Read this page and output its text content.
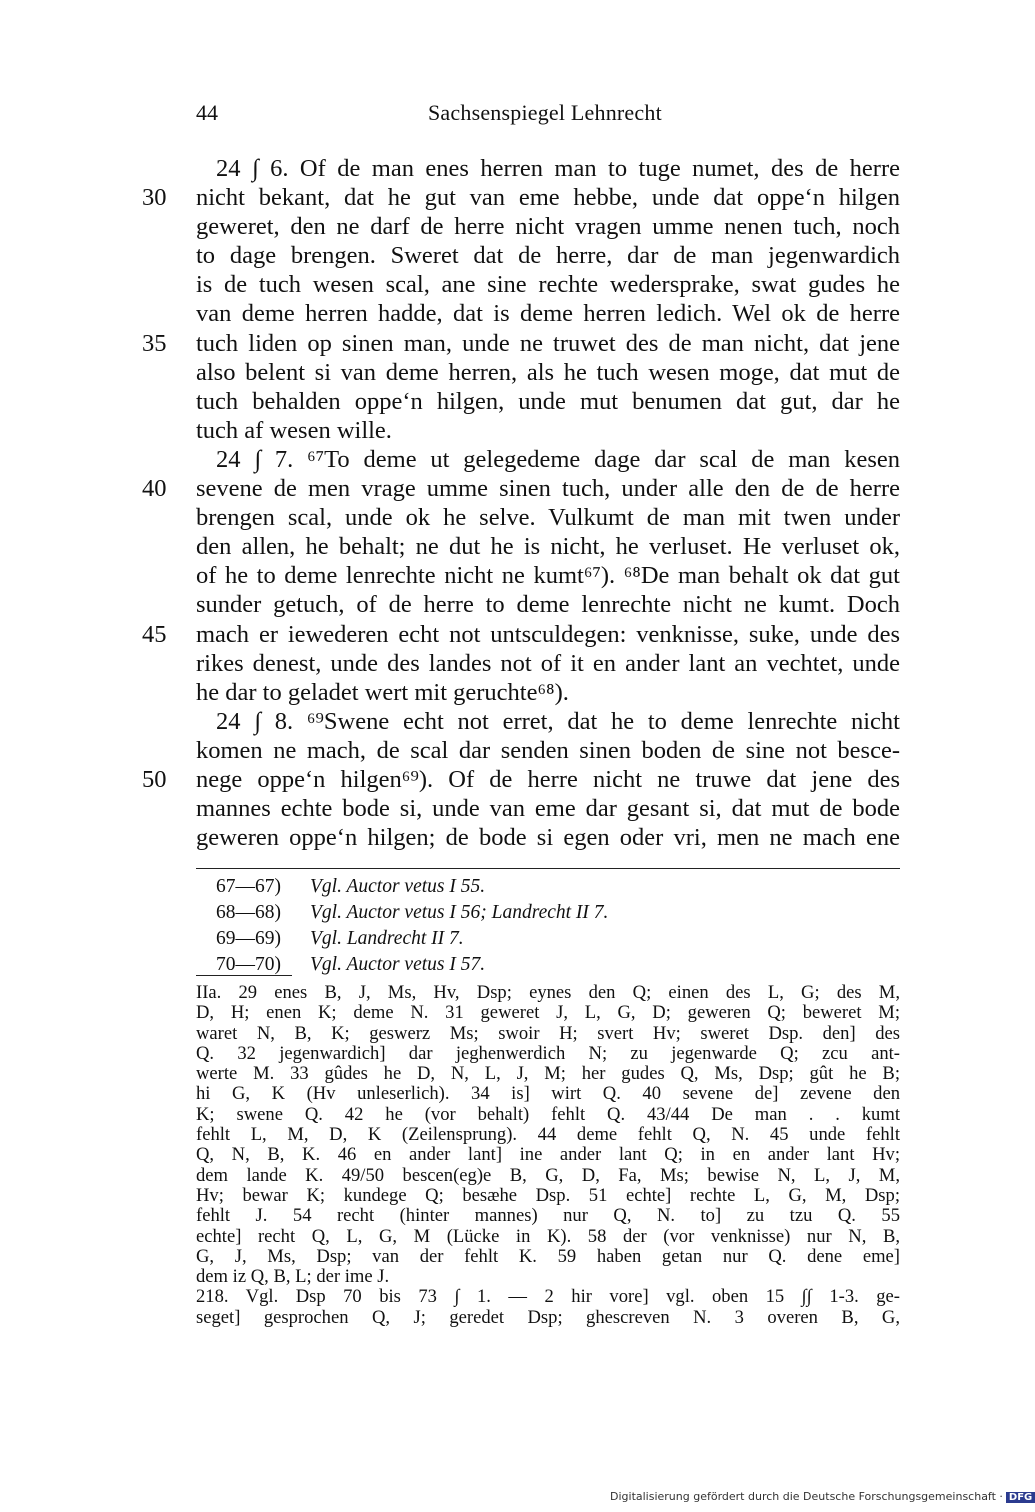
44	Sachsenspiegel Lehnrecht
24 ∫ 6. Of de man enes herren man to tuge numet, des de herre
30 nicht bekant, dat he gut van eme hebbe, unde dat oppe‘n hilgen
geweret, den ne darf de herre nicht vragen umme nenen tuch, noch
to dage brengen. Sweret dat de herre, dar de man jegenwardich
is de tuch wesen scal, ane sine rechte wedersprake, swat gudes he
van deme herren hadde, dat is deme herren ledich. Wel ok de herre
35 tuch liden op sinen man, unde ne truwet des de man nicht, dat jene
also belent si van deme herren, als he tuch wesen moge, dat mut de
tuch behalden oppe‘n hilgen, unde mut benumen dat gut, dar he
tuch af wesen wille.
24 ∫ 7. ⁶⁷To deme ut gelegedeme dage dar scal de man kesen
40 sevene de men vrage umme sinen tuch, under alle den de de herre
brengen scal, unde ok he selve. Vulkumt de man mit twen under
den allen, he behalt; ne dut he is nicht, he verluset. He verluset ok,
of he to deme lenrechte nicht ne kumt⁶⁷). ⁶⁸De man behalt ok dat gut
sunder getuch, of de herre to deme lenrechte nicht ne kumt. Doch
45 mach er iewederen echt not untsculdegen: venknisse, suke, unde des
rikes denest, unde des landes not of it en ander lant an vechtet, unde
he dar to geladet wert mit geruchte⁶⁸).
24 ∫ 8. ⁶⁹Swene echt not erret, dat he to deme lenrechte nicht
komen ne mach, de scal dar senden sinen boden de sine not besce-
50 nege oppe‘n hilgen⁶⁹). Of de herre nicht ne truwe dat jene des
mannes echte bode si, unde van eme dar gesant si, dat mut de bode
geweren oppe‘n hilgen; de bode si egen oder vri, men ne mach ene
67—67) Vgl. Auctor vetus I 55.
68—68) Vgl. Auctor vetus I 56; Landrecht II 7.
69—69) Vgl. Landrecht II 7.
70—70) Vgl. Auctor vetus I 57.
IIa. 29 enes B, J, Ms, Hv, Dsp; eynes den Q; einen des L, G; des M,
D, H; enen K; deme N. 31 geweret J, L, G, D; geweren Q; beweret M;
waret N, B, K; geswerz Ms; swoir H; svert Hv; sweret Dsp. den] des
Q. 32 jegenwardich] dar jeghenwerdich N; zu jegenwarde Q; zcu ant-
werte M. 33 gûdes he D, N, L, J, M; her gudes Q, Ms, Dsp; gût he B;
hi G, K (Hv unleserlich). 34 is] wirt Q. 40 sevene de] zevene den
K; swene Q. 42 he (vor behalt) fehlt Q. 43/44 De man . . kumt
fehlt L, M, D, K (Zeilensprung). 44 deme fehlt Q, N. 45 unde fehlt
Q, N, B, K. 46 en ander lant] ine ander lant Q; in en ander lant Hv;
dem lande K. 49/50 bescen(eg)e B, G, D, Fa, Ms; bewise N, L, J, M,
Hv; bewar K; kundege Q; besæhe Dsp. 51 echte] rechte L, G, M, Dsp;
fehlt J. 54 recht (hinter mannes) nur Q, N. to] zu tzu Q. 55
echte] recht Q, L, G, M (Lücke in K). 58 der (vor venknisse) nur N, B,
G, J, Ms, Dsp; van der fehlt K. 59 haben getan nur Q. dene eme]
dem iz Q, B, L; der ime J.
218. Vgl. Dsp 70 bis 73 ∫ 1. — 2 hir vore] vgl. oben 15 ∫∫ 1-3. ge-
seget] gesprochen Q, J; geredet Dsp; ghescreven N. 3 overen B, G,
Digitalisierung gefördert durch die Deutsche Forschungsgemeinschaft · DFG
